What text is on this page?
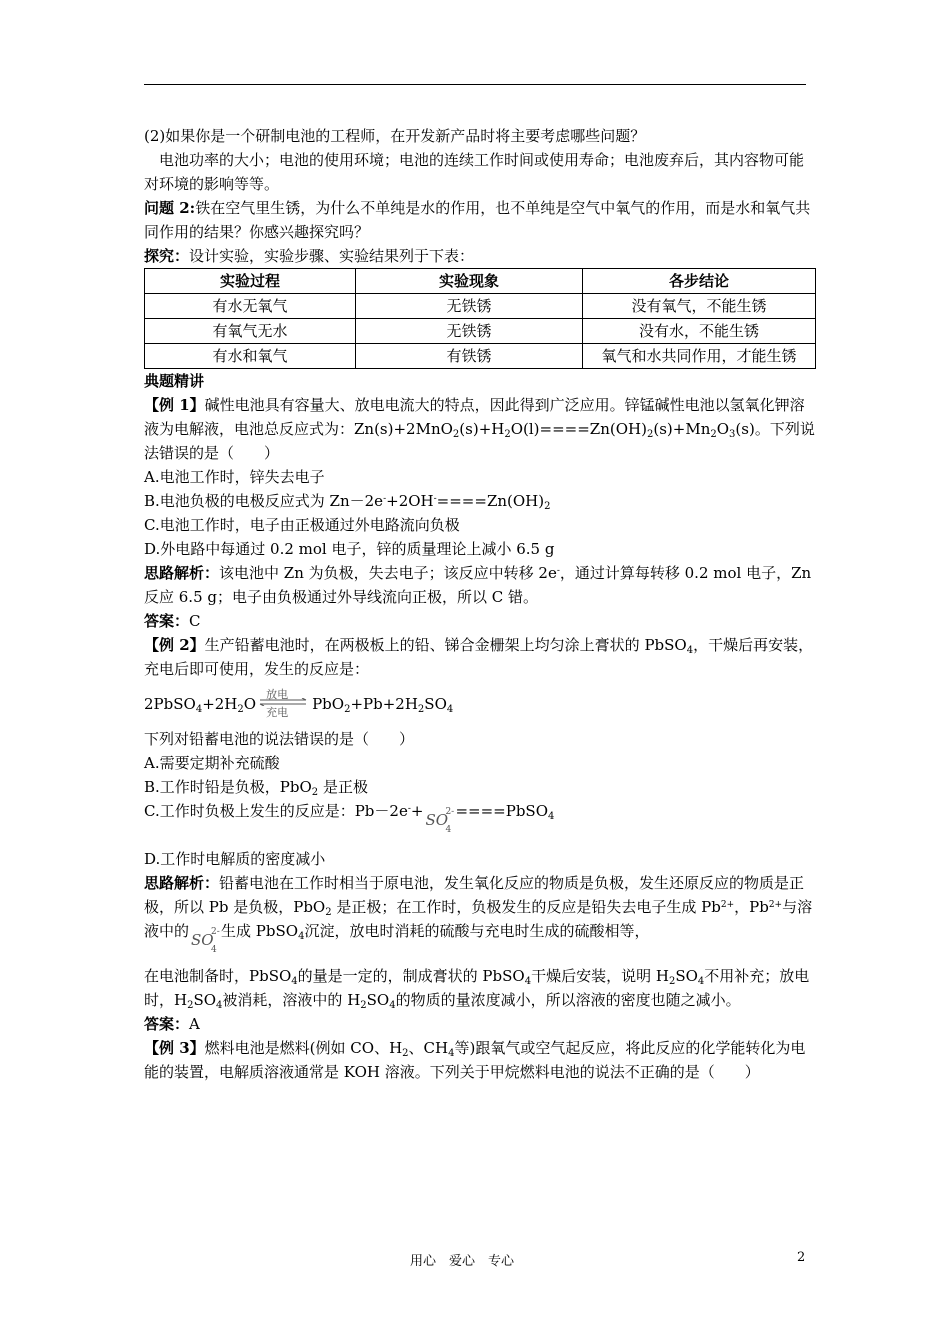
(2)如果你是一个研制电池的工程师，在开发新产品时将主要考虑哪些问题？

电池功率的大小；电池的使用环境；电池的连续工作时间或使用寿命；电池废弃后，其内容物可能对环境的影响等等。

问题 2:铁在空气里生锈，为什么不单纯是水的作用，也不单纯是空气中氧气的作用，而是水和氧气共同作用的结果？你感兴趣探究吗？

探究：设计实验，实验步骤、实验结果列于下表：

实验过程	实验现象	各步结论
有水无氧气	无铁锈	没有氧气，不能生锈
有氧气无水	无铁锈	没有水，不能生锈
有水和氧气	有铁锈	氧气和水共同作用，才能生锈

典题精讲

【例 1】碱性电池具有容量大、放电电流大的特点，因此得到广泛应用。锌锰碱性电池以氢氧化钾溶液为电解液，电池总反应式为：$Zn(s)+2MnO_2(s)+H_2O(l)====Zn(OH)_2(s)+Mn_2O_3(s)$。下列说法错误的是（　　）

A.电池工作时，锌失去电子

B.电池负极的电极反应式为 $Zn-2e^-+2OH^-====Zn(OH)_2$

C.电池工作时，电子由正极通过外电路流向负极

D.外电路中每通过 0.2 mol 电子，锌的质量理论上减小 6.5 g

思路解析：该电池中 Zn 为负极，失去电子；该反应中转移 2e-，通过计算每转移 0.2 mol 电子，Zn 反应 6.5 g；电子由负极通过外导线流向正极，所以 C 错。

答案：C

【例 2】生产铅蓄电池时，在两极板上的铅、锑合金栅架上均匀涂上膏状的 PbSO$_4$，干燥后再安装，充电后即可使用，发生的反应是：

$2PbSO_4+2H_2O$
放电
充电 $PbO_2+Pb+2H_2SO_4$

下列对铅蓄电池的说法错误的是（　　）

A.需要定期补充硫酸

B.工作时铅是负极，PbO$_2$ 是正极

C.工作时负极上发生的反应是：Pb－2e-+ SO
2-
4
====PbSO$_4$

D.工作时电解质的密度减小

思路解析：铅蓄电池在工作时相当于原电池，发生氧化反应的物质是负极，发生还原反应的物质是正极，所以 Pb 是负极，PbO$_2$ 是正极；在工作时，负极发生的反应是铅失去电子生成 $Pb^{2+}$，$Pb^{2+}$与溶液中的 SO
2-
4
生成 PbSO$_4$沉淀，放电时消耗的硫酸与充电时生成的硫酸相等，

在电池制备时，PbSO$_4$的量是一定的，制成膏状的 PbSO$_4$干燥后安装，说明 $H_2SO_4$不用补充；放电时，$H_2SO_4$被消耗，溶液中的 $H_2SO_4$的物质的量浓度减小，所以溶液的密度也随之减小。

答案：A

【例 3】燃料电池是燃料(例如 CO、$H_2$、$CH_4$等)跟氧气或空气起反应，将此反应的化学能转化为电能的装置，电解质溶液通常是 KOH 溶液。下列关于甲烷燃料电池的说法不正确的是（　　）

用心　爱心　专心	2
